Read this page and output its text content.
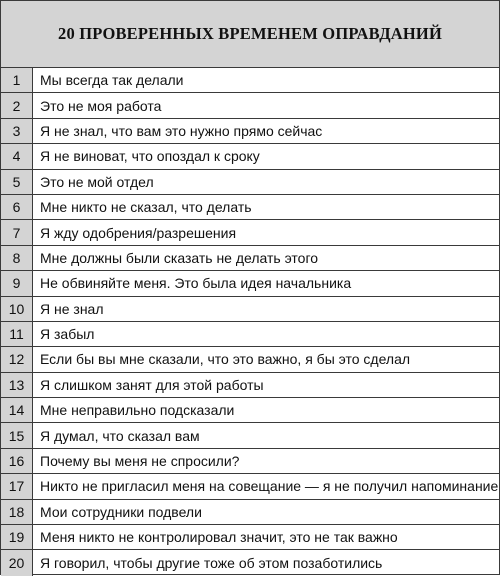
20 ПРОВЕРЕННЫХ ВРЕМЕНЕМ ОПРАВДАНИЙ
1	Мы всегда так делали
2	Это не моя работа
3	Я не знал, что вам это нужно прямо сейчас
4	Я не виноват, что опоздал к сроку
5	Это не мой отдел
6	Мне никто не сказал, что делать
7	Я жду одобрения/разрешения
8	Мне должны были сказать не делать этого
9	Не обвиняйте меня. Это была идея начальника
10	Я не знал
11	Я забыл
12	Если бы вы мне сказали, что это важно, я бы это сделал
13	Я слишком занят для этой работы
14	Мне неправильно подсказали
15	Я думал, что сказал вам
16	Почему вы меня не спросили?
17	Никто не пригласил меня на совещание — я не получил напоминание
18	Мои сотрудники подвели
19	Меня никто не контролировал значит, это не так важно
20	Я говорил, чтобы другие тоже об этом позаботились
